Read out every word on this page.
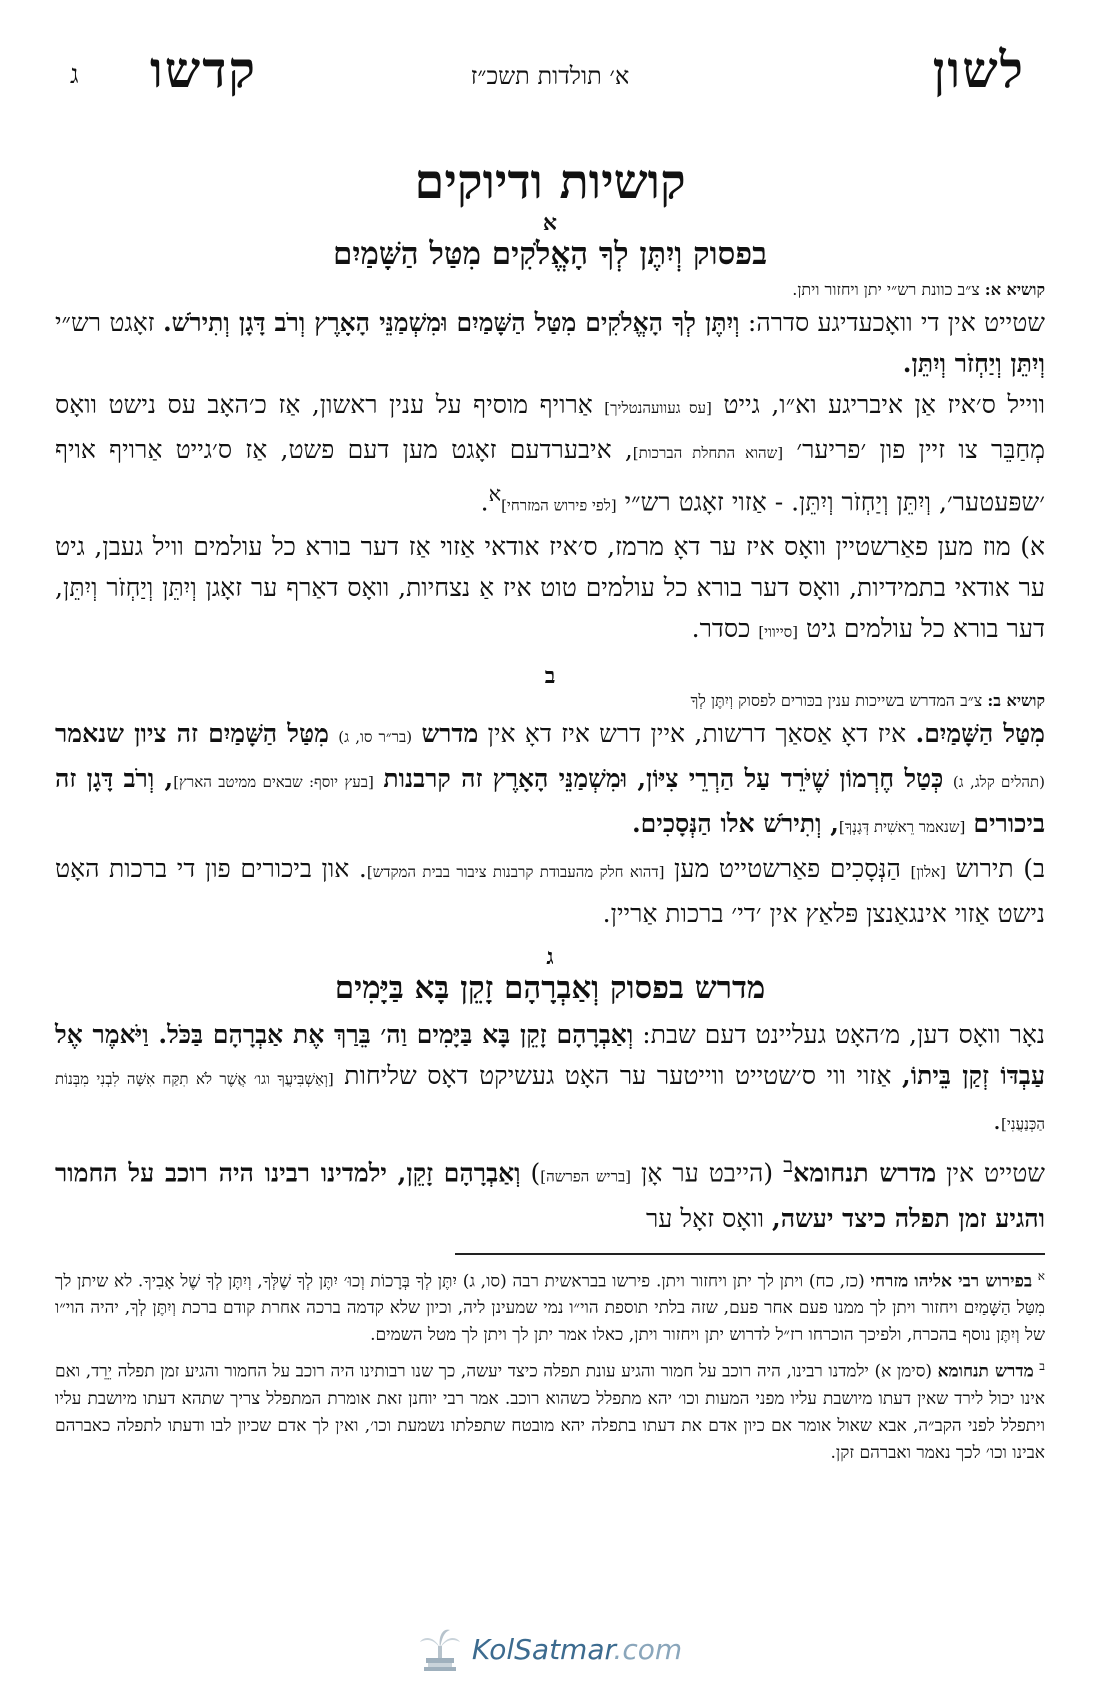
לשון
קדשו	א׳ תולדות תשכ״ז
ג
קושיות ודיוקים
א
בפסוק וְיִתֶּן לְךָ הָאֱלֹקִים מִטַּל הַשָּׁמַיִם
קושיא א: צ״ב כוונת רש״י יתן ויחזור ויתן.

שטייט אין די וואָכעדיגע סדרה: וְיִתֶּן לְךָ הָאֱלֹקִים מִטַּל הַשָּׁמַיִם וּמִשְׁמַנֵּי הָאָרֶץ וְרֹב דָּגָן וְתִירֹשׁ. זאָגט רש״י וְיִתֵּן וְיַחְזֹר וְיִתֵּן.

ווייל ס׳איז אַן איבריגע וא״ו, גייט [עס געוועהנטליך] אַרויף מוסיף על ענין ראשון, אַז כ׳האָב עס נישט וואָס מְחַבֵּר צו זיין פון ׳פריער׳ [שהוא התחלת הברכות], איבערדעם זאָגט מען דעם פשט, אַז ס׳גייט אַרויף אויף ׳שפּעטער׳, וְיִתֵּן וְיַחְזֹר וְיִתֵּן. - אַזוי זאָגט רש״י [לפי פירוש המזרחי]$^א$.

א) מוז מען פאַרשטיין וואָס איז ער דאָ מרמז, ס׳איז אודאי אַזוי אַז דער בורא כל עולמים וויל געבן, גיט ער אודאי בתמידיות, וואָס דער בורא כל עולמים טוט איז אַ נצחיות, וואָס דאַרף ער זאָגן וְיִתֵּן וְיַחְזֹר וְיִתֵּן, דער בורא כל עולמים גיט [סייווי] כסדר.

ב
קושיא ב: צ״ב המדרש בשייכות ענין בכּורים לפסוק וְיִתֶּן לְךָ

מִטַּל הַשָּׁמַיִם. איז דאָ אַסאַך דרשות, איין דרש איז דאָ אין מדרש (בר״ר סו, ג) מִטַּל הַשָּׁמַיִם זה ציון שנאמר (תהלים קלג, ג) כְּטַל חֶרְמוֹן שֶׁיֹּרֵד עַל הַרְרֵי צִיּוֹן, וּמִשְׁמַנֵּי הָאָרֶץ זה קרבנות [בעץ יוסף: שבאים ממיטב הארץ], וְרֹב דָּגָן זה ביכורים [שנאמר רֵאשִׁית דְּגָנְךָ], וְתִירֹשׁ אלו הַנְּסָכִים.

ב) תירוש [אלון] הַנְּסָכִים פאַרשטייט מען [דהוא חלק מהעבודת קרבנות ציבור בבית המקדש]. און ביכורים פון די ברכות האָט נישט אַזוי אינגאַנצן פּלאַץ אין ׳די׳ ברכות אַריין.

ג
מדרש בפסוק וְאַבְרָהָם זָקֵן בָּא בַּיָּמִים

נאָר וואָס דען, מ׳האָט געליינט דעם שבת: וְאַבְרָהָם זָקֵן בָּא בַּיָּמִים וַה׳ בֵּרַךְ אֶת אַבְרָהָם בַּכֹּל. וַיֹּאמֶר אֶל עַבְדּוֹ זְקַן בֵּיתוֹ, אַזוי ווי ס׳שטייט ווייטער ער האָט געשיקט דאָס שליחות [וְאַשְׁבִּיעֲךָ וגו׳ אֲשֶׁר לֹא תִקַּח אִשָּׁה לִבְנִי מִבְּנוֹת הַכְּנַעֲנִי].

שטייט אין מדרש תנחומא$^ב$ (הייבט ער אָן [בריש הפרשה]) וְאַבְרָהָם זָקֵן, ילמדינו רבינו היה רוכב על החמור והגיע זמן תפלה כיצד יעשה, וואָס זאָל ער

$^א$ בפירוש רבי אליהו מזרחי (כז, כח) ויתן לך יתן ויחזור ויתן. פירשו בבראשית רבה (סו, ג) יִתֶּן לְךָ בְּרָכוֹת וְכוּ׳ יִתֶּן לְךָ שֶׁלְּךָ, וְיִתֶּן לְךָ שֶׁל אָבִיךָ. לא שיתן לך מִטַּל הַשָּׁמַיִם ויחזור ויתן לך ממנו פעם אחר פעם, שזה בלתי תוספת הוי״ו נמי שמעינן ליה, וכיון שלא קדמה ברכה אחרת קודם ברכת וְיִתֶּן לְךָ, יהיה הוי״ו של וְיִתֶּן נוסף בהכרח, ולפיכך הוכרחו רז״ל לדרוש יתן ויחזור ויתן, כאלו אמר יתן לך ויתן לך מטל השמים.

$^ב$ מדרש תנחומא (סימן א) ילמדנו רבינו, היה רוכב על חמור והגיע עונת תפלה כיצד יעשה, כך שנו רבותינו היה רוכב על החמור והגיע זמן תפלה יֵרֵד, ואם אינו יכול לירד שאין דעתו מיושבת עליו מפני המעות וכו׳ יהא מתפלל כשהוא רוכב. אמר רבי יוחנן זאת אומרת המתפלל צריך שתהא דעתו מיושבת עליו ויתפלל לפני הקב״ה, אבא שאול אומר אם כיון אדם את דעתו בתפלה יהא מובטח שתפלתו נשמעת וכו׳, ואין לך אדם שכיון לבו ודעתו לתפלה כאברהם אבינו וכו׳ לכך נאמר ואברהם זקן.

KolSatmar.com
